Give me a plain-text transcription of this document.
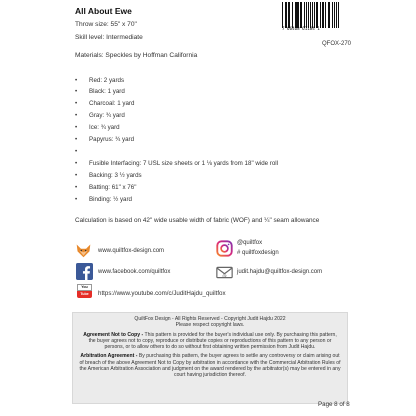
All About Ewe
Throw size: 55" x 70"
Skill level: Intermediate
Materials: Speckles by Hoffman California
7 66468 61184 1
QFOX-270
• Red: 2 yards
• Black: 1 yard
• Charcoal: 1 yard
• Gray: ¾ yard
• Ice: ¾ yard
• Papyrus: ¾ yard
•
• Fusible Interfacing: 7 USL size sheets or 1 ⅛ yards from 18" wide roll
• Backing: 3 ½ yards
• Batting: 61" x 76"
• Binding: ½ yard
Calculation is based on 42" wide usable width of fabric (WOF) and ¼" seam allowance
www.quiltfox-design.com
@quiltfox
# quiltfoxdesign
www.facebook.com/quiltfox
@
judit.hajdu@quiltfox-design.com
You
Tube	https://www.youtube.com/c/JuditHajdu_quiltfox

QuiltFox Design - All Rights Reserved - Copyright Judit Hajdu 2022

Please respect copyright laws.

Agreement Not to Copy - This pattern is provided for the buyer's individual use only. By purchasing this pattern, the buyer agrees not to copy, reproduce or distribute copies or reproductions of this pattern to any person or persons, or to allow others to do so without first obtaining written permission from Judit Hajdu.

Arbitration Agreement - By purchasing this pattern, the buyer agrees to settle any controversy or claim arising out of breach of the above Agreement Not to Copy by arbitration in accordance with the Commercial Arbitration Rules of the American Arbitration Association and judgment on the award rendered by the arbitrator(s) may be entered in any court having jurisdiction thereof.

Page 8 of 8
